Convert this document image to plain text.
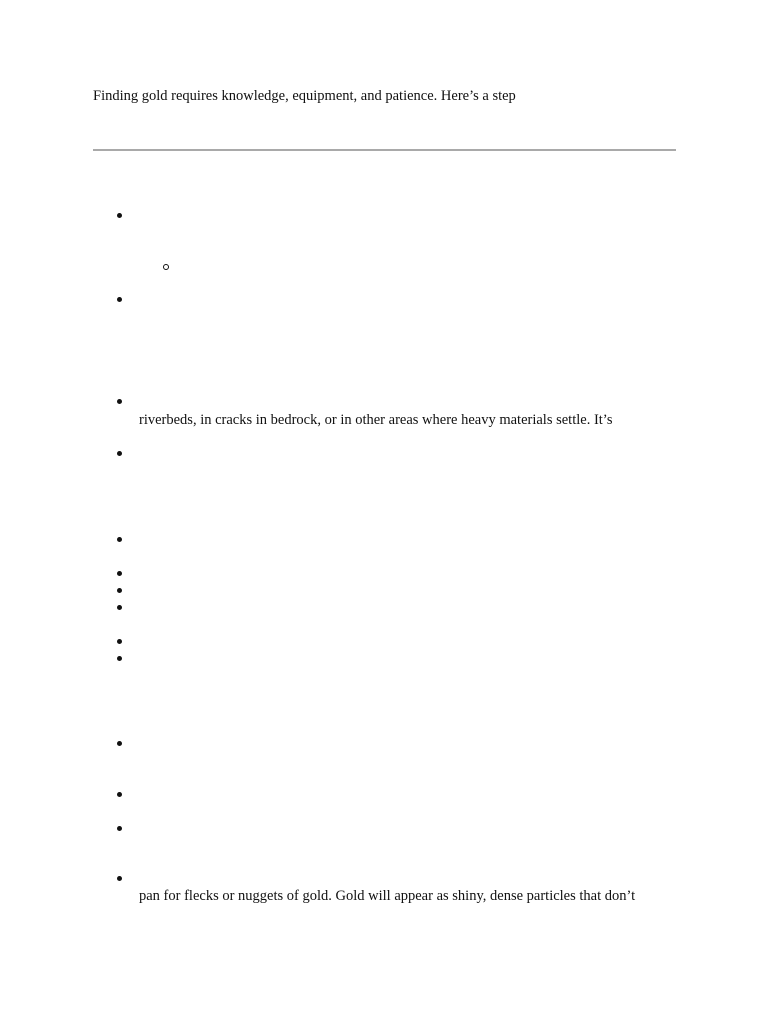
Finding gold requires knowledge, equipment, and patience. Here’s a step
riverbeds, in cracks in bedrock, or in other areas where heavy materials settle. It’s
pan for flecks or nuggets of gold. Gold will appear as shiny, dense particles that don’t
